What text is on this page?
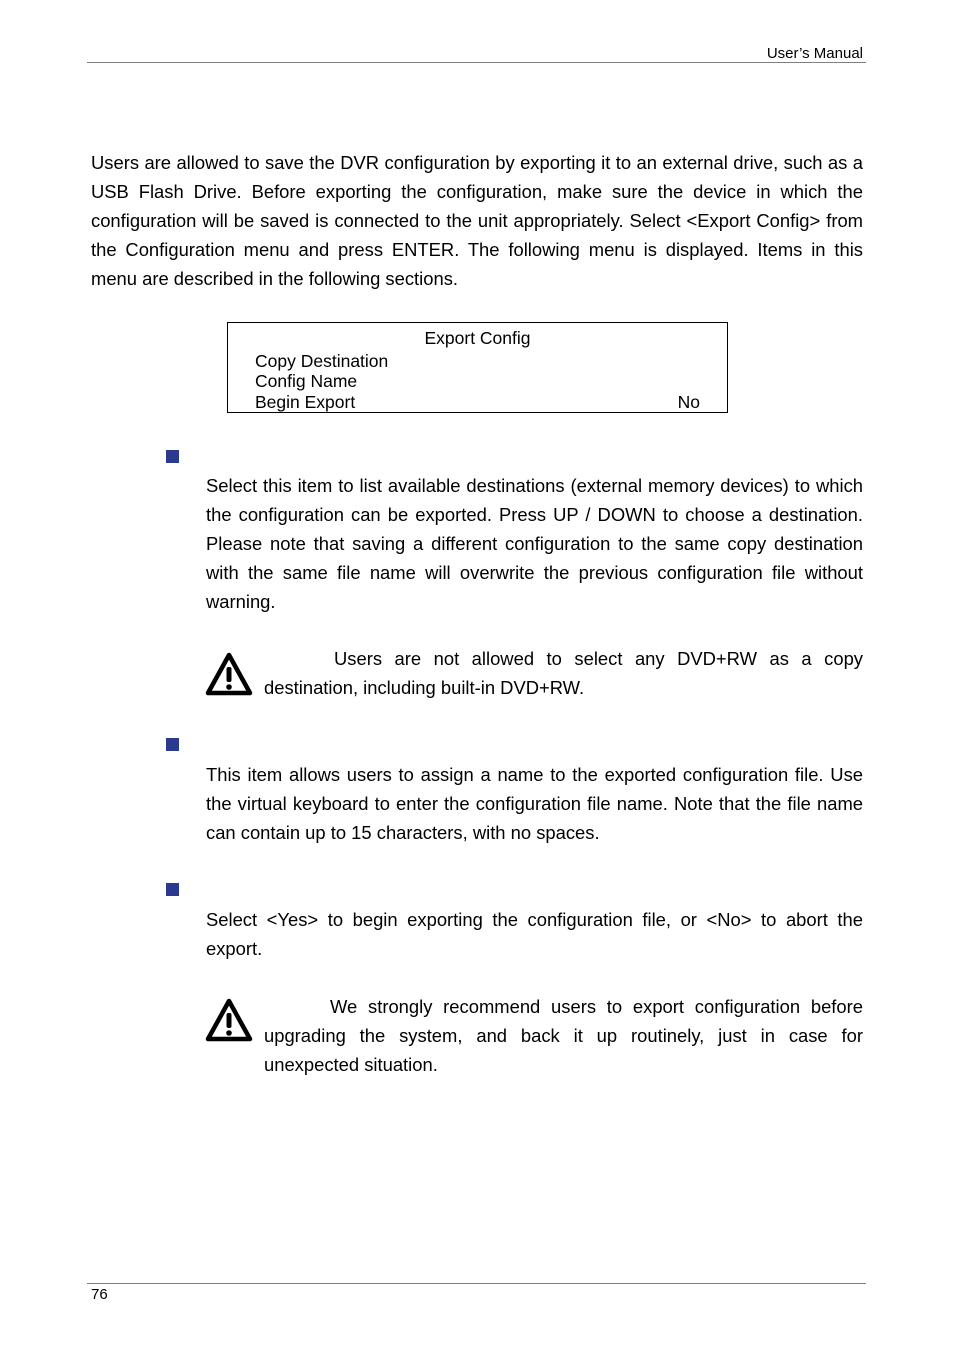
User’s Manual
Users are allowed to save the DVR configuration by exporting it to an external drive, such as a USB Flash Drive. Before exporting the configuration, make sure the device in which the configuration will be saved is connected to the unit appropriately. Select <Export Config> from the Configuration menu and press ENTER. The following menu is displayed. Items in this menu are described in the following sections.
Export Config
Copy Destination
Config Name
Begin Export	No
Select this item to list available destinations (external memory devices) to which the configuration can be exported. Press UP / DOWN to choose a destination. Please note that saving a different configuration to the same copy destination with the same file name will overwrite the previous configuration file without warning.
Users are not allowed to select any DVD+RW as a copy destination, including built-in DVD+RW.
This item allows users to assign a name to the exported configuration file. Use the virtual keyboard to enter the configuration file name. Note that the file name can contain up to 15 characters, with no spaces.
Select <Yes> to begin exporting the configuration file, or <No> to abort the export.
We strongly recommend users to export configuration before upgrading the system, and back it up routinely, just in case for unexpected situation.
76
